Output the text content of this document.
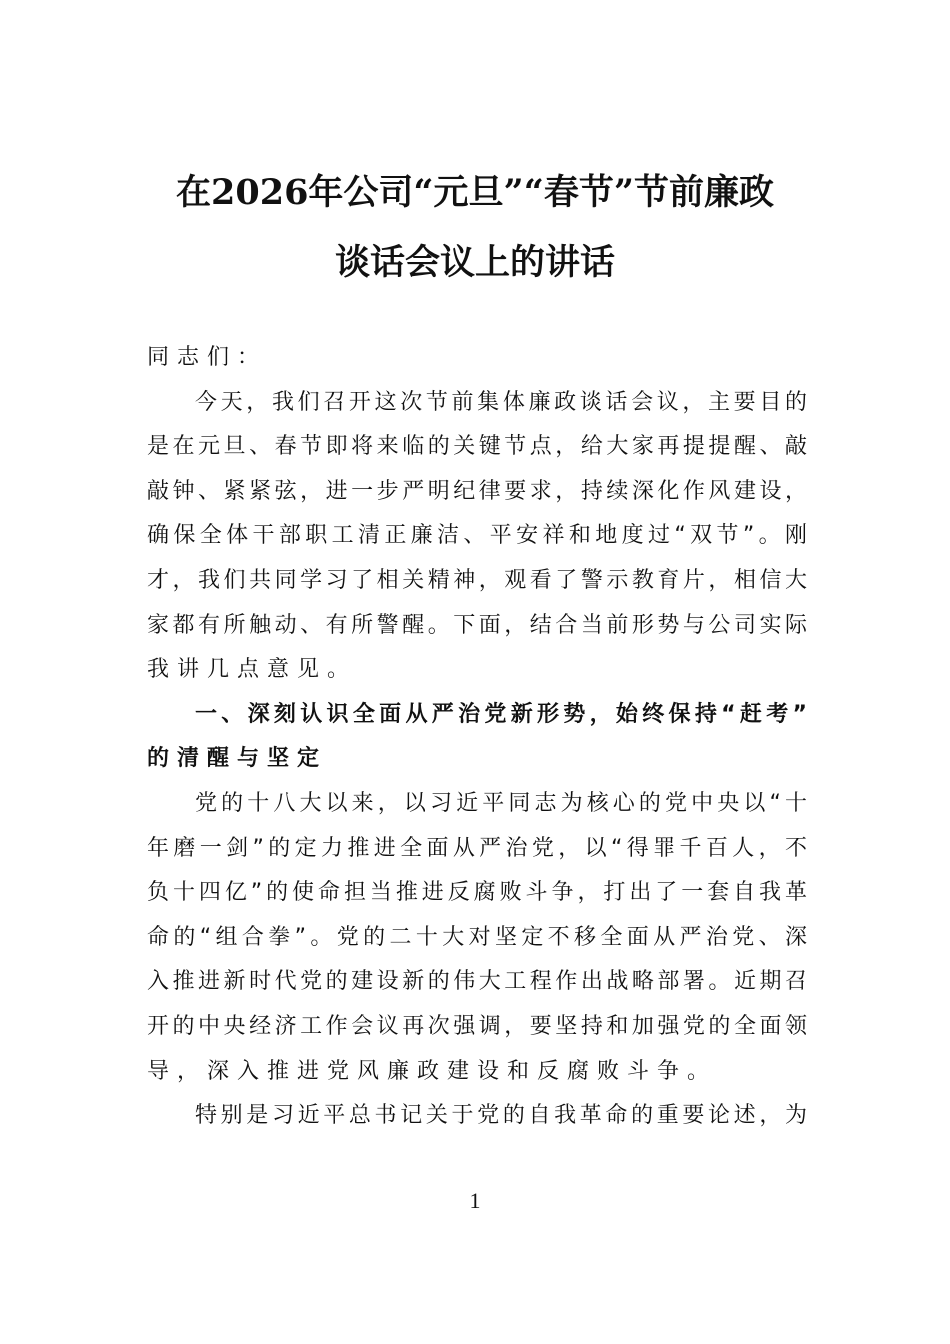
在2026年公司“元旦”“春节”节前廉政
谈话会议上的讲话
同志们：
今天，我们召开这次节前集体廉政谈话会议，主要目的
是在元旦、春节即将来临的关键节点，给大家再提提醒、敲
敲钟、紧紧弦，进一步严明纪律要求，持续深化作风建设，
确保全体干部职工清正廉洁、平安祥和地度过“双节”。刚
才，我们共同学习了相关精神，观看了警示教育片，相信大
家都有所触动、有所警醒。下面，结合当前形势与公司实际
我讲几点意见。
一、深刻认识全面从严治党新形势，始终保持“赶考”
的清醒与坚定
党的十八大以来，以习近平同志为核心的党中央以“十
年磨一剑”的定力推进全面从严治党，以“得罪千百人，不
负十四亿”的使命担当推进反腐败斗争，打出了一套自我革
命的“组合拳”。党的二十大对坚定不移全面从严治党、深
入推进新时代党的建设新的伟大工程作出战略部署。近期召
开的中央经济工作会议再次强调，要坚持和加强党的全面领
导，深入推进党风廉政建设和反腐败斗争。
特别是习近平总书记关于党的自我革命的重要论述，为
1
